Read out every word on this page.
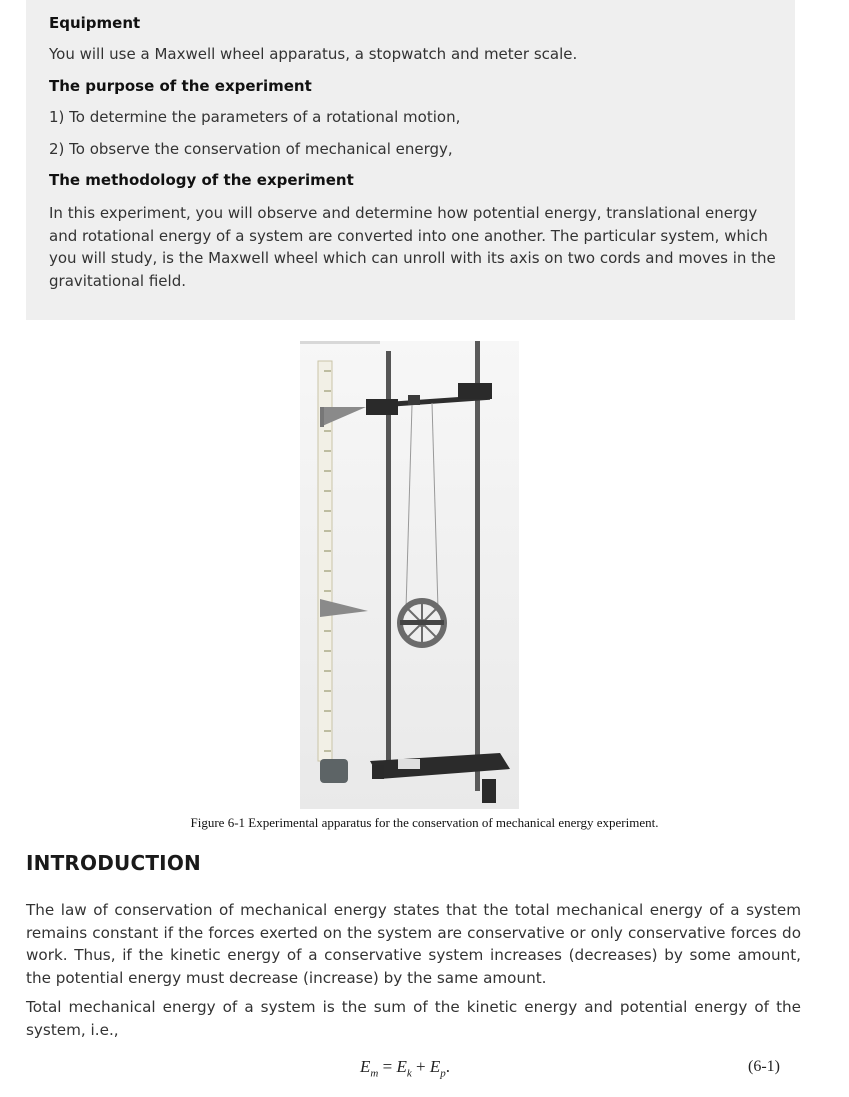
Equipment
You will use a Maxwell wheel apparatus, a stopwatch and meter scale.
The purpose of the experiment
1) To determine the parameters of a rotational motion,
2) To observe the conservation of mechanical energy,
The methodology of the experiment
In this experiment, you will observe and determine how potential energy, translational energy and rotational energy of a system are converted into one another. The particular system, which you will study, is the Maxwell wheel which can unroll with its axis on two cords and moves in the gravitational field.
Figure 6-1 Experimental apparatus for the conservation of mechanical energy experiment.
INTRODUCTION
The law of conservation of mechanical energy states that the total mechanical energy of a system remains constant if the forces exerted on the system are conservative or only conservative forces do work. Thus, if the kinetic energy of a conservative system increases (decreases) by some amount, the potential energy must decrease (increase) by the same amount.
Total mechanical energy of a system is the sum of the kinetic energy and potential energy of the system, i.e.,
$E_m = E_k + E_p$.	(6-1)
